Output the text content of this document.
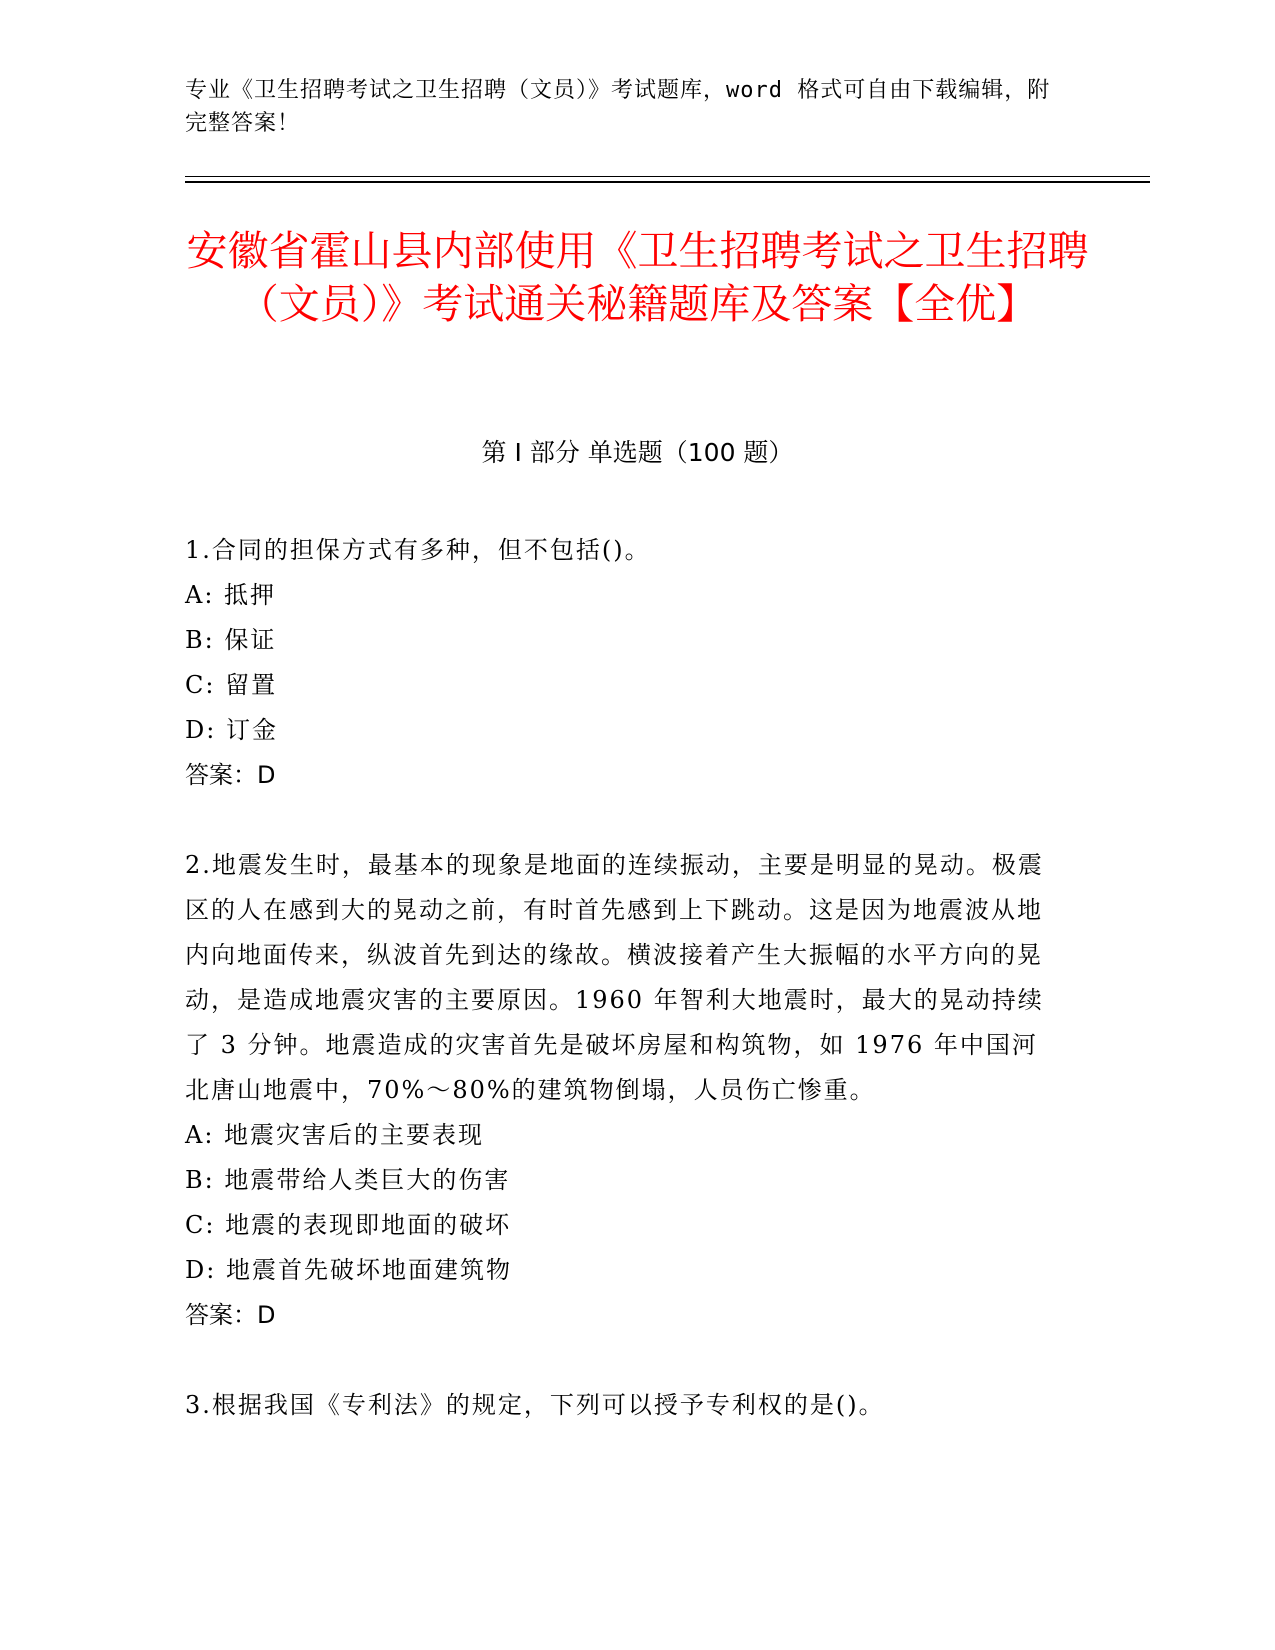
专业《卫生招聘考试之卫生招聘（文员）》考试题库，word 格式可自由下载编辑，附完整答案！
安徽省霍山县内部使用《卫生招聘考试之卫生招聘（文员）》考试通关秘籍题库及答案【全优】
第 I 部分 单选题（100 题）
1.合同的担保方式有多种，但不包括()。
A: 抵押
B: 保证
C: 留置
D: 订金
答案：D
2.地震发生时，最基本的现象是地面的连续振动，主要是明显的晃动。极震区的人在感到大的晃动之前，有时首先感到上下跳动。这是因为地震波从地内向地面传来，纵波首先到达的缘故。横波接着产生大振幅的水平方向的晃动，是造成地震灾害的主要原因。1960 年智利大地震时，最大的晃动持续了 3 分钟。地震造成的灾害首先是破坏房屋和构筑物，如 1976 年中国河北唐山地震中，70%～80%的建筑物倒塌，人员伤亡惨重。
A: 地震灾害后的主要表现
B: 地震带给人类巨大的伤害
C: 地震的表现即地面的破坏
D: 地震首先破坏地面建筑物
答案：D
3.根据我国《专利法》的规定，下列可以授予专利权的是()。
